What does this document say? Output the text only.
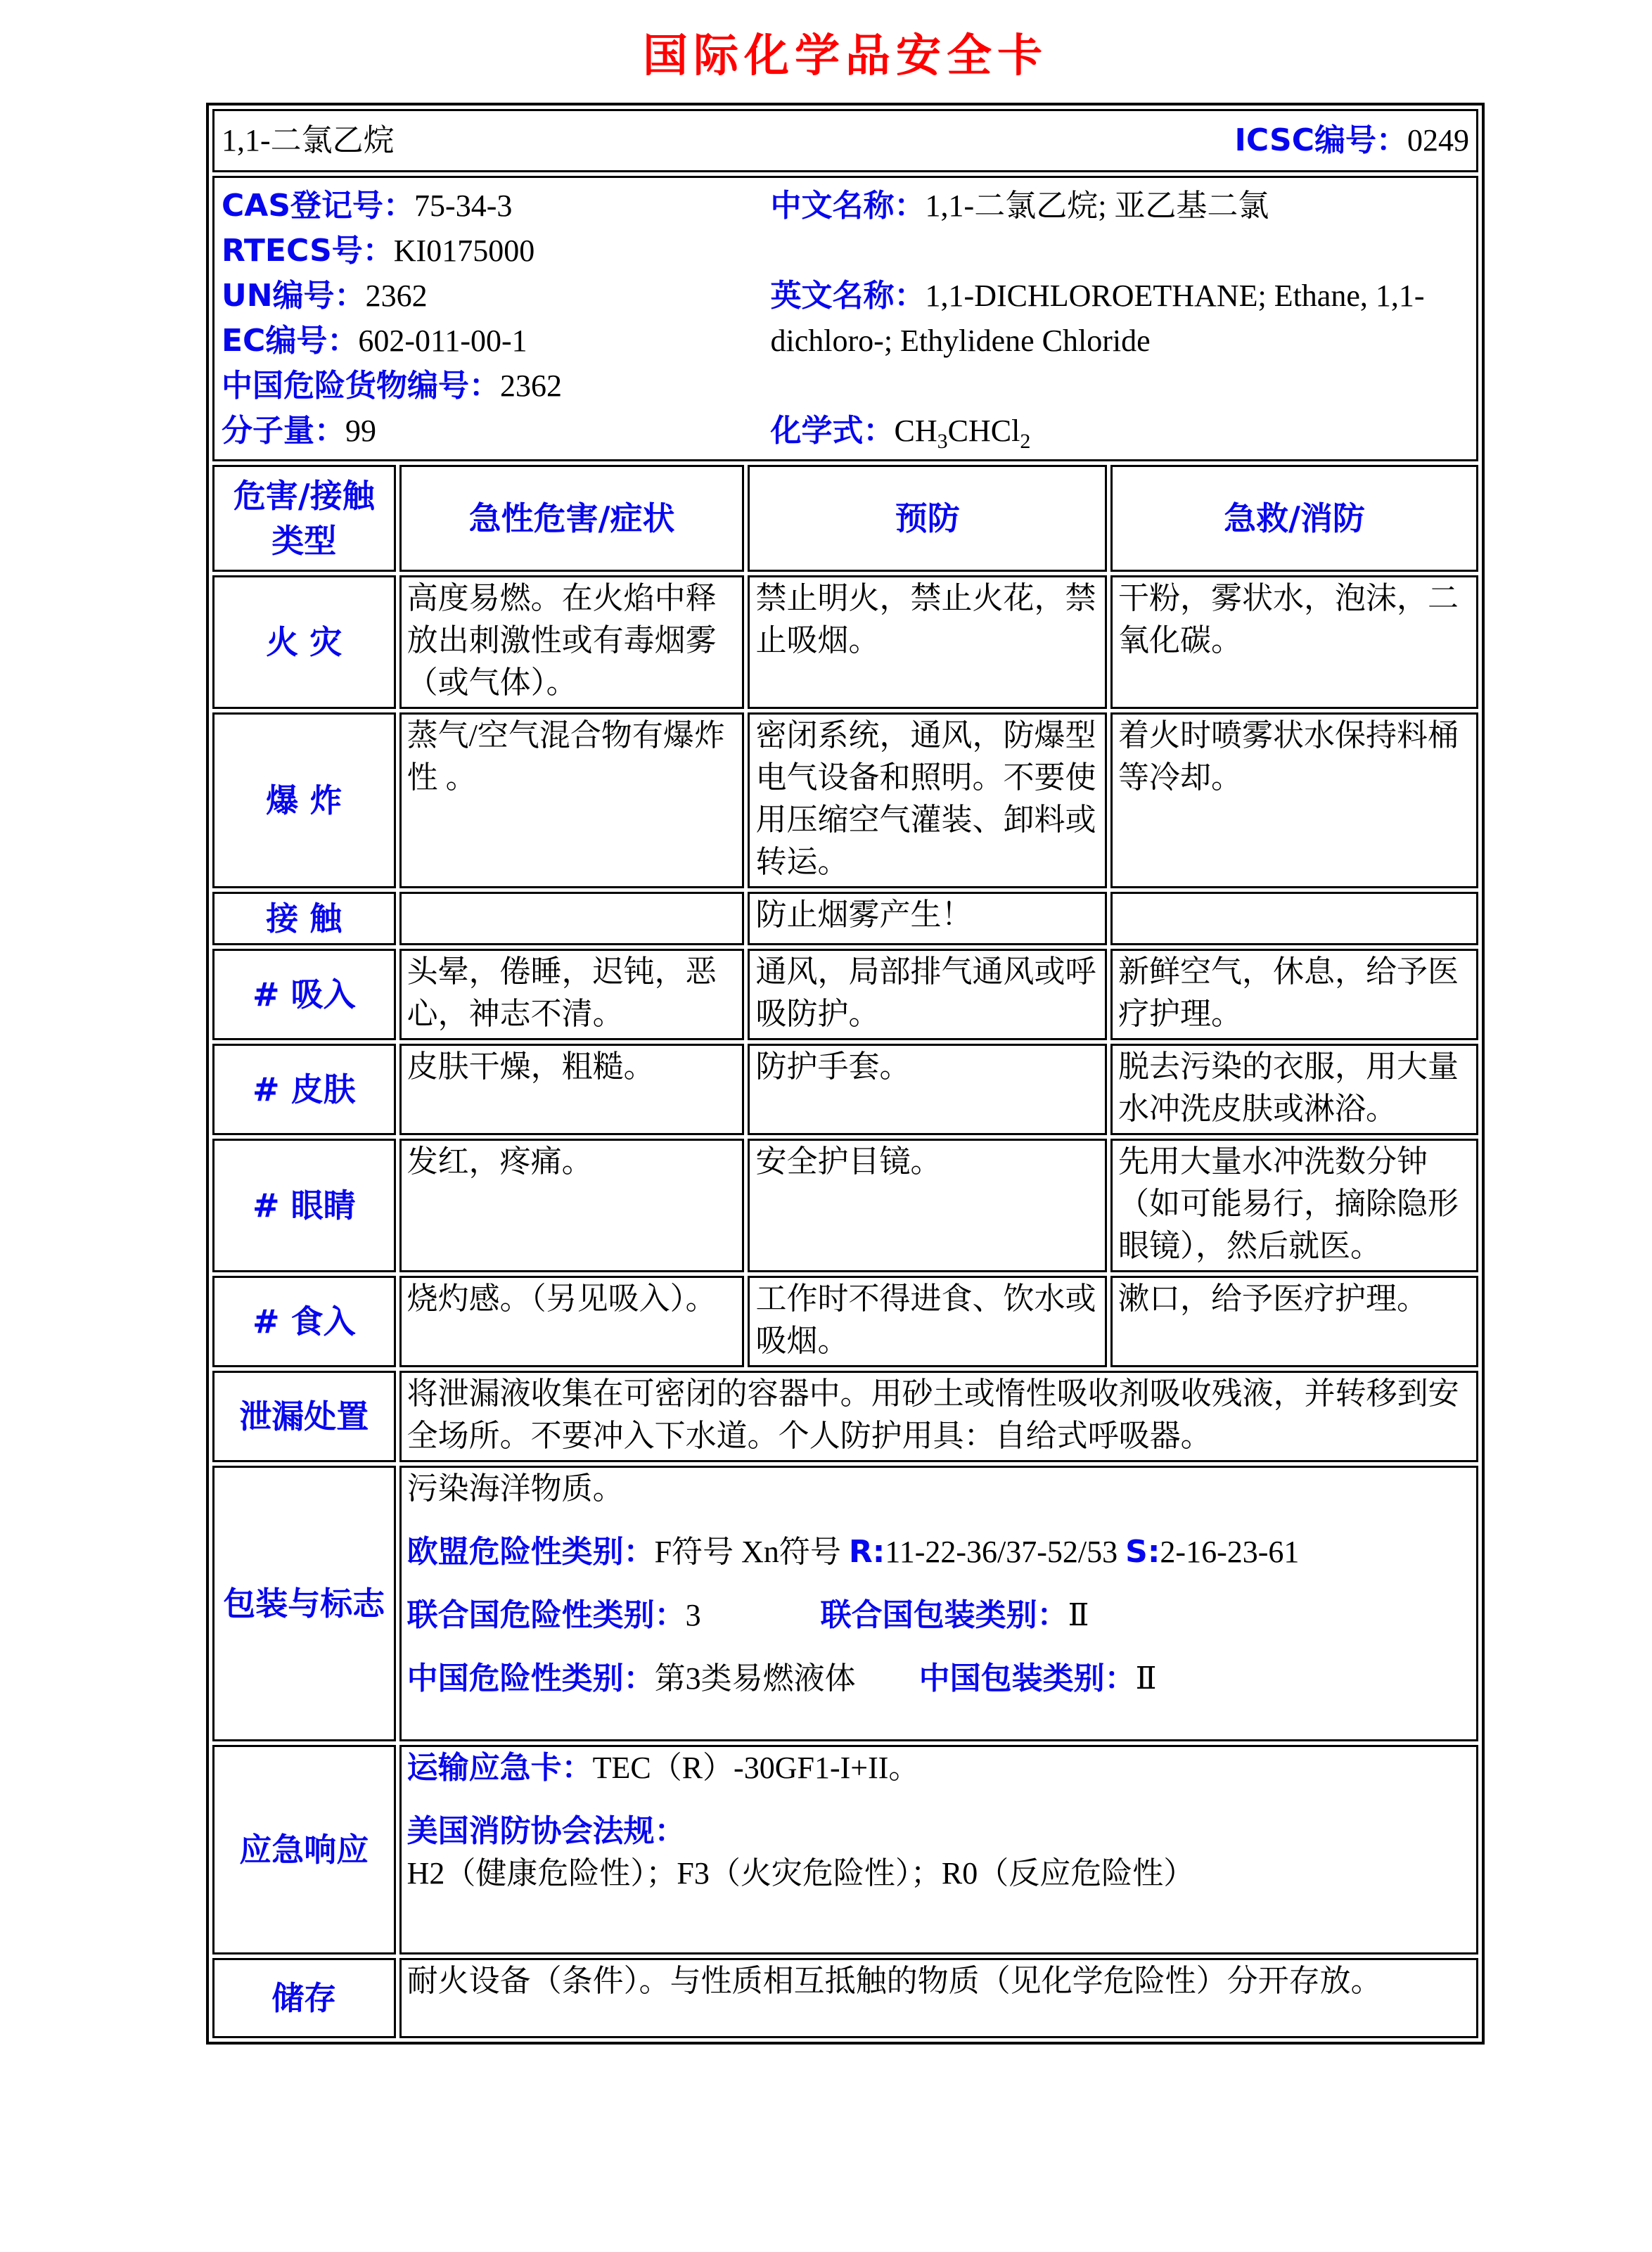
国际化学品安全卡
1,1-二氯乙烷 ICSC编号：0249			

CAS登记号：75-34-3
RTECS号：KI0175000
UN编号：2362
EC编号：602-011-00-1
中国危险货物编号：2362
分子量：99

中文名称：1,1-二氯乙烷; 亚乙基二氯

英文名称：1,1-DICHLOROETHANE; Ethane, 1,1-dichloro-; Ethylidene Chloride

化学式：$CH_3CHCl_2$

危害/接触类型	急性危害/症状	预防	急救/消防
火 灾	高度易燃。在火焰中释放出刺激性或有毒烟雾（或气体）。	禁止明火，禁止火花，禁止吸烟。	干粉，雾状水，泡沫，二氧化碳。
爆 炸	蒸气/空气混合物有爆炸性 。	密闭系统，通风，防爆型电气设备和照明。不要使用压缩空气灌装、卸料或转运。	着火时喷雾状水保持料桶等冷却。
接 触		防止烟雾产生！	
# 吸入	头晕，倦睡，迟钝，恶心，神志不清。	通风，局部排气通风或呼吸防护。	新鲜空气，休息，给予医疗护理。
# 皮肤	皮肤干燥，粗糙。	防护手套。	脱去污染的衣服，用大量水冲洗皮肤或淋浴。
# 眼睛	发红，疼痛。	安全护目镜。	先用大量水冲洗数分钟（如可能易行，摘除隐形眼镜），然后就医。
# 食入	烧灼感。（另见吸入）。	工作时不得进食、饮水或吸烟。	漱口，给予医疗护理。
泄漏处置	将泄漏液收集在可密闭的容器中。用砂土或惰性吸收剂吸收残液，并转移到安全场所。不要冲入下水道。个人防护用具：自给式呼吸器。		
包装与标志	污染海洋物质。

欧盟危险性类别：F符号 Xn符号 R:11-22-36/37-52/53 S:2-16-23-61

联合国危险性类别：3 联合国包装类别：Ⅱ

中国危险性类别：第3类易燃液体 中国包装类别：Ⅱ		

应急响应	运输应急卡：TEC（R）-30GF1-I+II。

美国消防协会法规：H2（健康危险性）；F3（火灾危险性）；R0（反应危险性）		

储存	耐火设备（条件）。与性质相互抵触的物质（见化学危险性）分开存放。		
